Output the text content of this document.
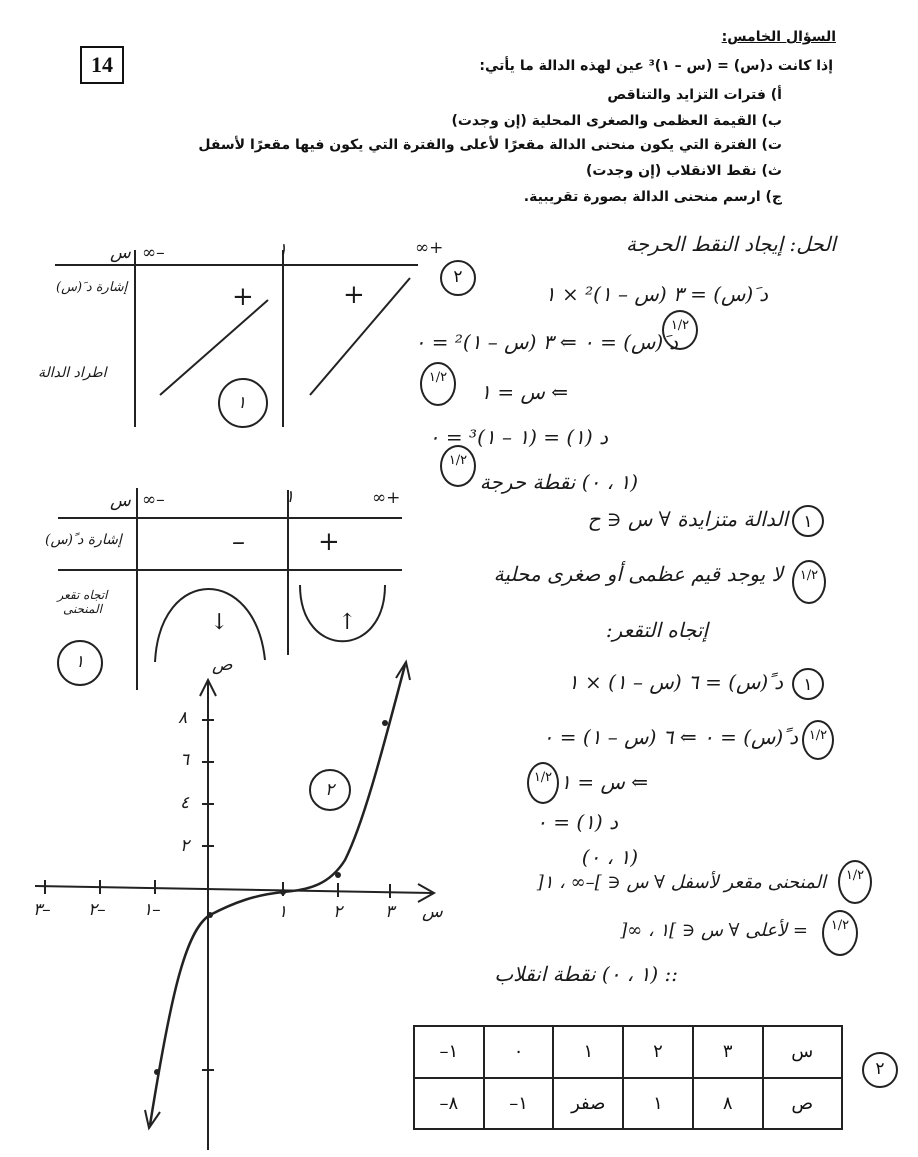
14
السؤال الخامس:
إذا كانت د(س) = (س – ١)³ عين لهذه الدالة ما يأتي:
أ) فترات التزايد والتناقص
ب) القيمة العظمى والصغرى المحلية (إن وجدت)
ت) الفترة التي يكون منحنى الدالة مقعرًا لأعلى والفترة التي يكون فيها مقعرًا لأسفل
ث) نقط الانقلاب (إن وجدت)
ج) ارسم منحنى الدالة بصورة تقريبية.
س –∞	١	+∞
إشارة د َ(س)
اطراد الدالة
+	+
١
س –∞	١	+∞
إشارة د ً(س)
اتجاه تقعر المنحنى
–	+
↓	↑
١	ص
س
٨
٦
٤
٢
١	٢	٣
–١
–٢
–٣
٢
الحل: إيجاد النقط الحرجة
د َ(س) = ٣ (س – ١)² × ١
٢
د َ(س) = ٠ ⇐ ٣ (س – ١)² = ٠
١/٢
⇐ س = ١
١/٢
د (١) = (١ – ١)³ = ٠
(١ ، ٠) نقطة حرجة
١/٢
١
الدالة متزايدة ∀ س ∈ ح
١/٢
لا يوجد قيم عظمى أو صغرى محلية
إتجاه التقعر:
١
د ً(س) = ٦ (س – ١) × ١
١/٢
د ً(س) = ٠ ⇐ ٦ (س – ١) = ٠
١/٢ ⇐ س = ١
د (١) = ٠
(١ ، ٠)
١/٢
المنحنى مقعر لأسفل ∀ س ∈ ]–∞ ، ١[
١/٢
= لأعلى ∀ س ∈ ]١ ، ∞[
:: (١ ، ٠) نقطة انقلاب
–١	٠	١	٢	٣	س
–٨	–١	صفر	١	٨	ص
٢
